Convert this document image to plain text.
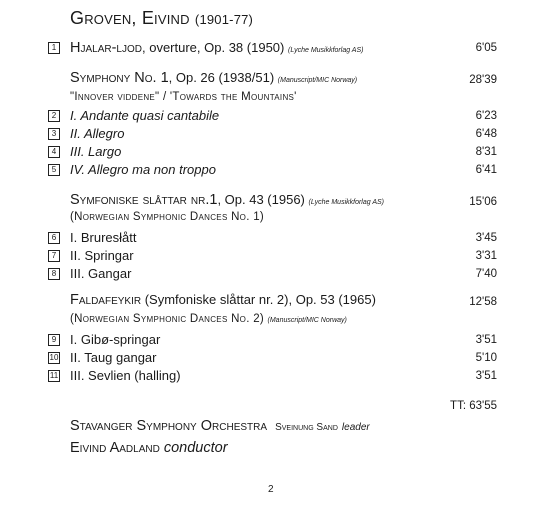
Groven, Eivind (1901-77)
1 Hjalar-ljod, overture, Op. 38 (1950) (Lyche Musikkforlag AS)	6'05
Symphony No. 1, Op. 26 (1938/51) (Manuscript/MIC Norway)	28'39
"Innover viddene" / 'Towards the Mountains'
2 I. Andante quasi cantabile	6'23
3 II. Allegro	6'48
4 III. Largo	8'31
5 IV. Allegro ma non troppo	6'41
Symfoniske slåttar nr.1, Op. 43 (1956) (Lyche Musikkforlag AS)	15'06
(Norwegian Symphonic Dances No. 1)
6 I. Bruresłått	3'45
7 II. Springar	3'31
8 III. Gangar	7'40
Faldafeykir (Symfoniske slåttar nr. 2), Op. 53 (1965)	12'58
(Norwegian Symphonic Dances No. 2) (Manuscript/MIC Norway)
9 I. Gibø-springar	3'51
10 II. Taug gangar	5'10
11 III. Sevlien (halling)	3'51
TT: 63'55
Stavanger Symphony Orchestra Sveinung Sand leader
Eivind Aadland conductor
2
